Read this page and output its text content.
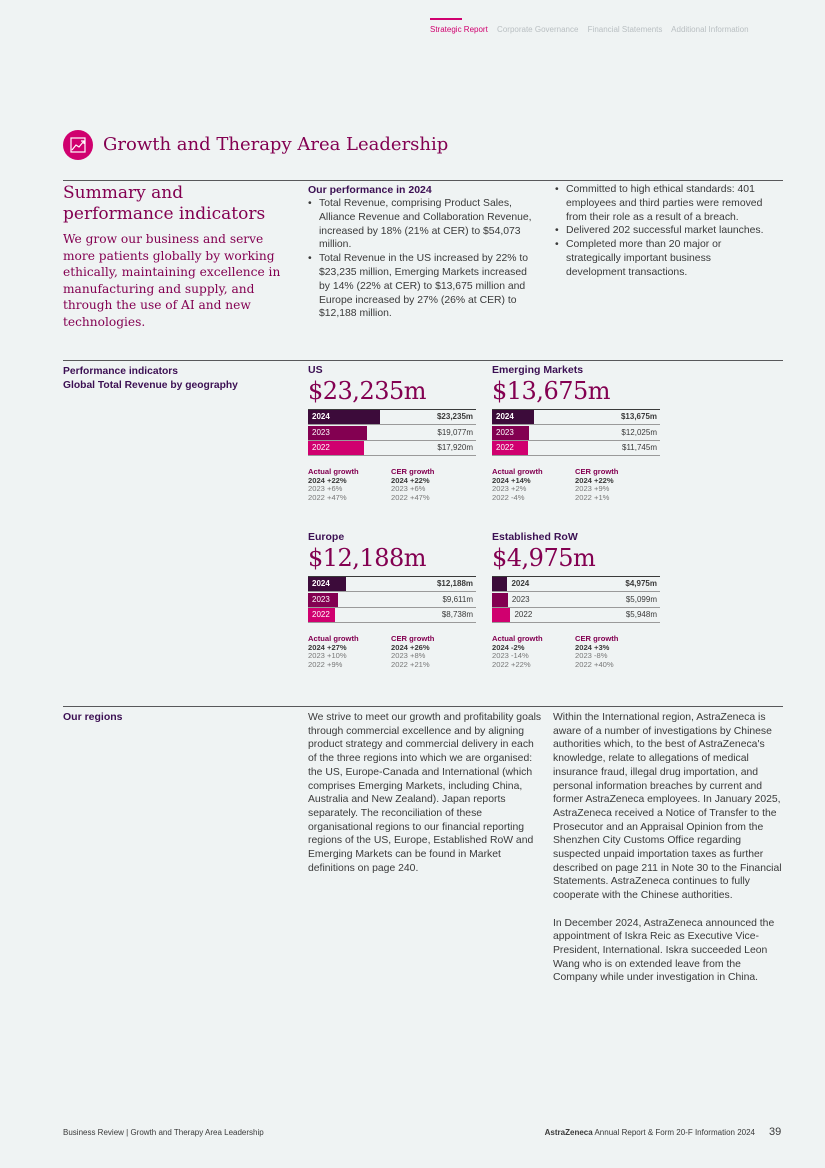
Strategic Report Corporate Governance Financial Statements Additional Information
Growth and Therapy Area Leadership
Summary and performance indicators
We grow our business and serve more patients globally by working ethically, maintaining excellence in manufacturing and supply, and through the use of AI and new technologies.
Our performance in 2024
• Total Revenue, comprising Product Sales, Alliance Revenue and Collaboration Revenue, increased by 18% (21% at CER) to $54,073 million.
• Total Revenue in the US increased by 22% to $23,235 million, Emerging Markets increased by 14% (22% at CER) to $13,675 million and Europe increased by 27% (26% at CER) to $12,188 million.
• Committed to high ethical standards: 401 employees and third parties were removed from their role as a result of a breach.
• Delivered 202 successful market launches.
• Completed more than 20 major or strategically important business development transactions.
Performance indicators
Global Total Revenue by geography
US
$23,235m
2024	$23,235m
2023	$19,077m
2022	$17,920m
Actual growth
2024 +22%
2023 +6%
2022 +47%
CER growth
2024 +22%
2023 +6%
2022 +47%
Emerging Markets
$13,675m
2024	$13,675m
2023	$12,025m
2022	$11,745m
Actual growth
2024 +14%
2023 +2%
2022 -4%
CER growth
2024 +22%
2023 +9%
2022 +1%
Europe
$12,188m
2024	$12,188m
2023	$9,611m
2022	$8,738m
Actual growth
2024 +27%
2023 +10%
2022 +9%
CER growth
2024 +26%
2023 +8%
2022 +21%
Established RoW
$4,975m
2024	$4,975m
2023	$5,099m
2022	$5,948m
Actual growth
2024 -2%
2023 -14%
2022 +22%
CER growth
2024 +3%
2023 -8%
2022 +40%
Our regions	We strive to meet our growth and profitability goals through commercial excellence and by aligning product strategy and commercial delivery in each of the three regions into which we are organised: the US, Europe-Canada and International (which comprises Emerging Markets, including China, Australia and New Zealand). Japan reports separately. The reconciliation of these organisational regions to our financial reporting regions of the US, Europe, Established RoW and Emerging Markets can be found in Market definitions on page 240.
Within the International region, AstraZeneca is aware of a number of investigations by Chinese authorities which, to the best of AstraZeneca's knowledge, relate to allegations of medical insurance fraud, illegal drug importation, and personal information breaches by current and former AstraZeneca employees. In January 2025, AstraZeneca received a Notice of Transfer to the Prosecutor and an Appraisal Opinion from the Shenzhen City Customs Office regarding suspected unpaid importation taxes as further described on page 211 in Note 30 to the Financial Statements. AstraZeneca continues to fully cooperate with the Chinese authorities.
In December 2024, AstraZeneca announced the appointment of Iskra Reic as Executive Vice-President, International. Iskra succeeded Leon Wang who is on extended leave from the Company while under investigation in China.
Business Review | Growth and Therapy Area Leadership	AstraZeneca Annual Report & Form 20-F Information 2024 39
